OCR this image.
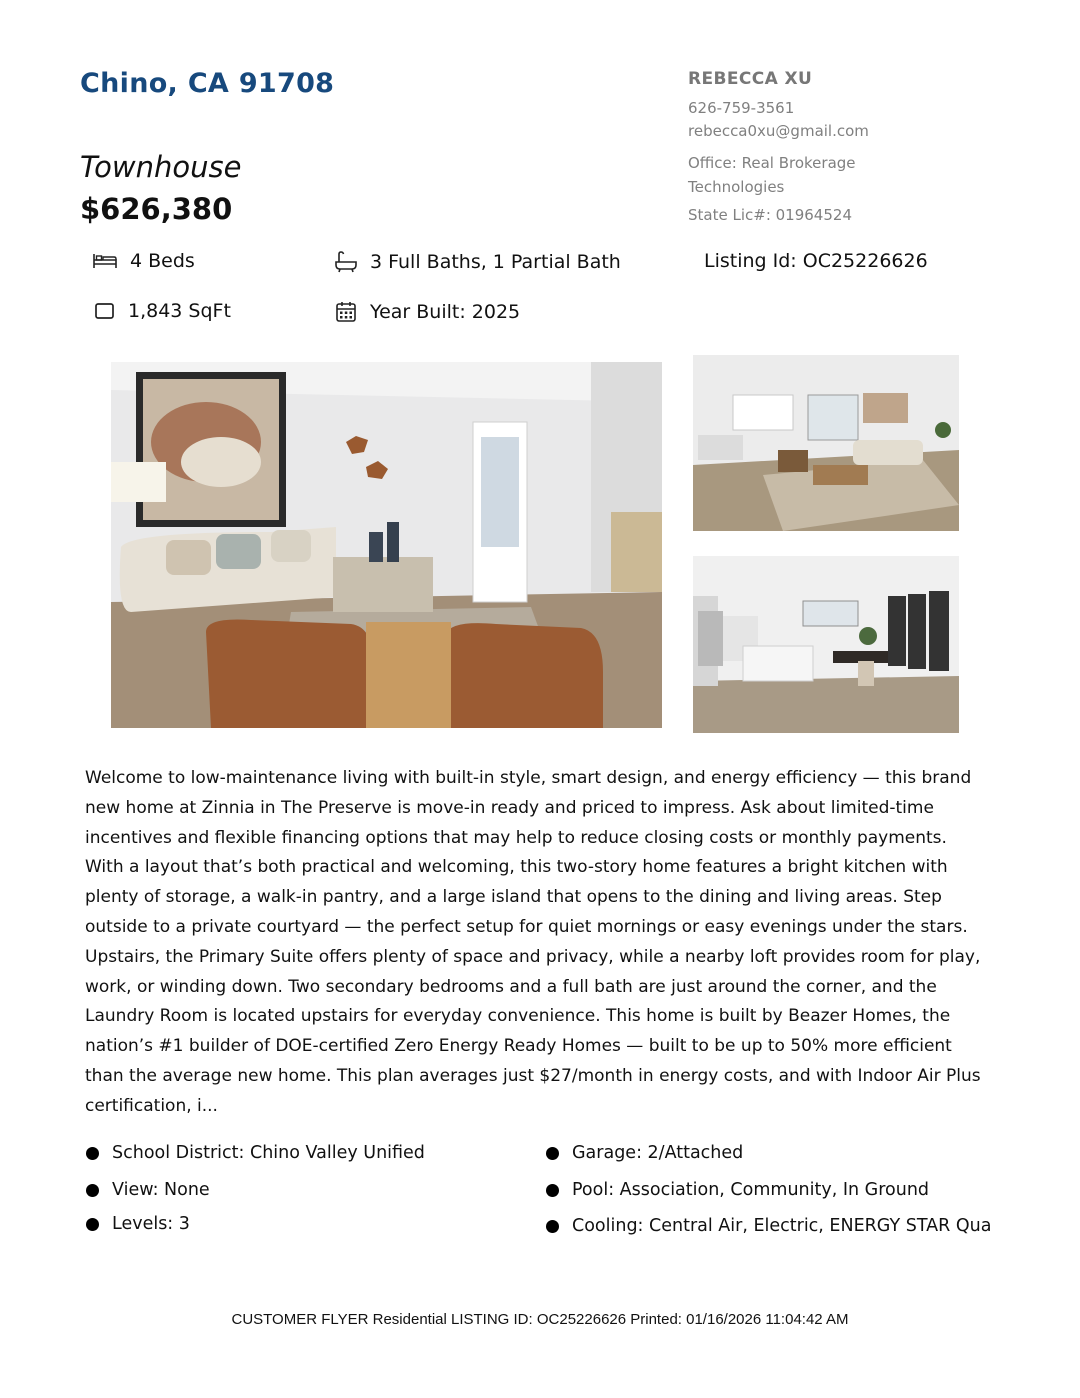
Chino, CA 91708
Townhouse
$626,380
REBECCA XU
626-759-3561
rebecca0xu@gmail.com
Office: Real Brokerage
Technologies
State Lic#: 01964524
4 Beds	3 Full Baths, 1 Partial Bath	Listing Id: OC25226626
1,843 SqFt	Year Built: 2025
Welcome to low-maintenance living with built-in style, smart design, and energy efficiency — this brand new home at Zinnia in The Preserve is move-in ready and priced to impress. Ask about limited-time incentives and flexible financing options that may help to reduce closing costs or monthly payments. With a layout that’s both practical and welcoming, this two-story home features a bright kitchen with plenty of storage, a walk-in pantry, and a large island that opens to the dining and living areas. Step outside to a private courtyard — the perfect setup for quiet mornings or easy evenings under the stars. Upstairs, the Primary Suite offers plenty of space and privacy, while a nearby loft provides room for play, work, or winding down. Two secondary bedrooms and a full bath are just around the corner, and the Laundry Room is located upstairs for everyday convenience. This home is built by Beazer Homes, the nation’s #1 builder of DOE-certified Zero Energy Ready Homes — built to be up to 50% more efficient than the average new home. This plan averages just $27/month in energy costs, and with Indoor Air Plus certification, i...
School District: Chino Valley Unified
View: None
Levels: 3
Garage: 2/Attached
Pool: Association, Community, In Ground
Cooling: Central Air, Electric, ENERGY STAR Qua
CUSTOMER FLYER Residential LISTING ID: OC25226626 Printed: 01/16/2026 11:04:42 AM
